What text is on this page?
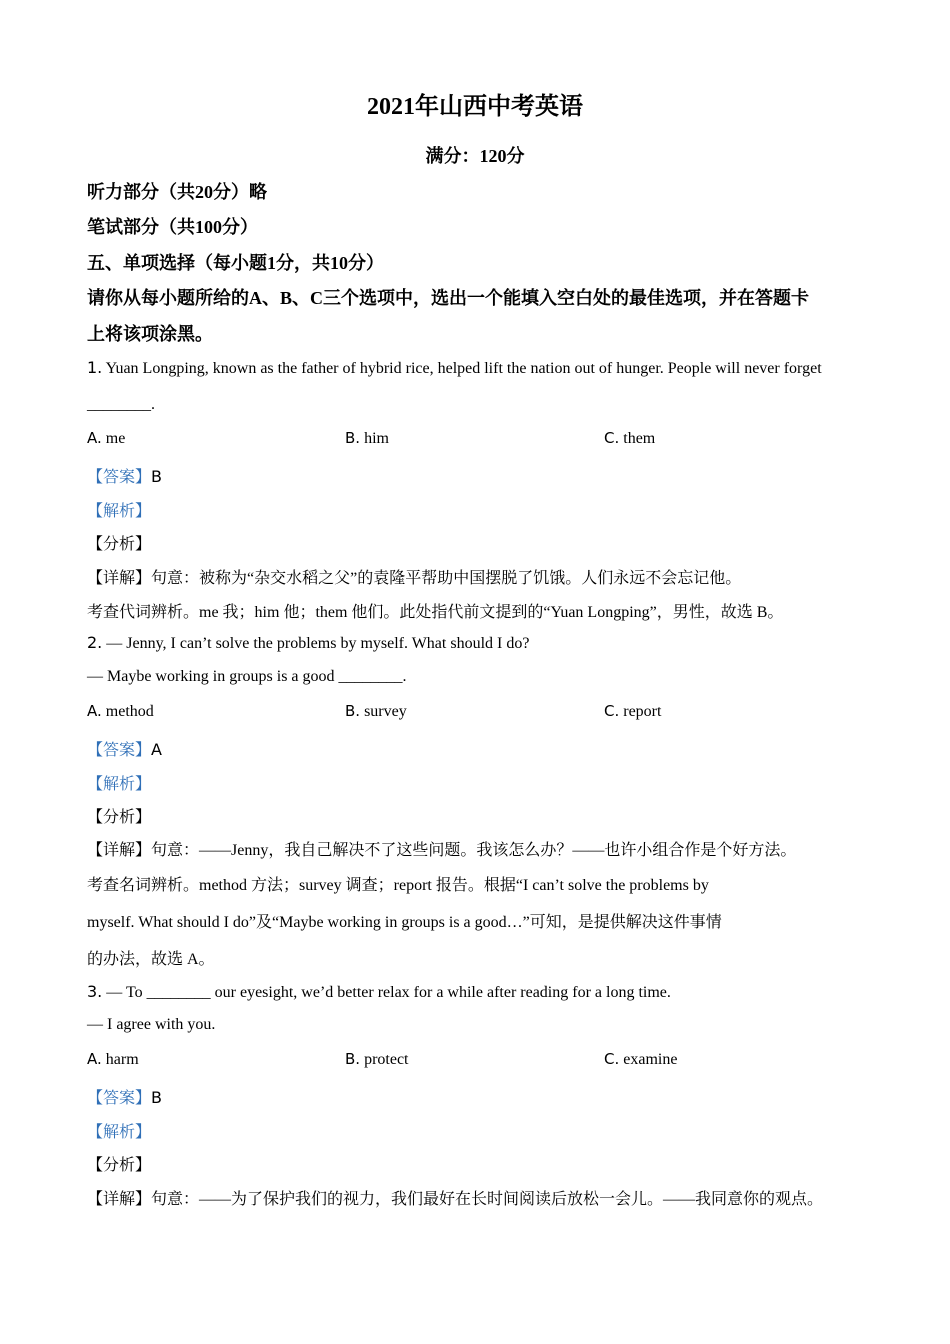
2021年山西中考英语
满分：120分
听力部分（共20分）略
笔试部分（共100分）
五、单项选择（每小题1分，共10分）
请你从每小题所给的A、B、C三个选项中，选出一个能填入空白处的最佳选项，并在答题卡
上将该项涂黑。
1. Yuan Longping, known as the father of hybrid rice, helped lift the nation out of hunger. People will never forget
________.
A. me	B. him	C. them
【答案】B
【解析】
【分析】
【详解】句意：被称为“杂交水稻之父”的袁隆平帮助中国摆脱了饥饿。人们永远不会忘记他。
考查代词辨析。me 我；him 他；them 他们。此处指代前文提到的“Yuan Longping”，男性，故选 B。
2. — Jenny, I can’t solve the problems by myself. What should I do?
— Maybe working in groups is a good ________.
A. method	B. survey	C. report
【答案】A
【解析】
【分析】
【详解】句意：——Jenny，我自己解决不了这些问题。我该怎么办？——也许小组合作是个好方法。
考查名词辨析。method 方法；survey 调查；report 报告。根据“I can’t solve the problems by
myself. What should I do”及“Maybe working in groups is a good…”可知，是提供解决这件事情
的办法，故选 A。
3. — To ________ our eyesight, we’d better relax for a while after reading for a long time.
— I agree with you.
A. harm	B. protect	C. examine
【答案】B
【解析】
【分析】
【详解】句意：——为了保护我们的视力，我们最好在长时间阅读后放松一会儿。——我同意你的观点。
